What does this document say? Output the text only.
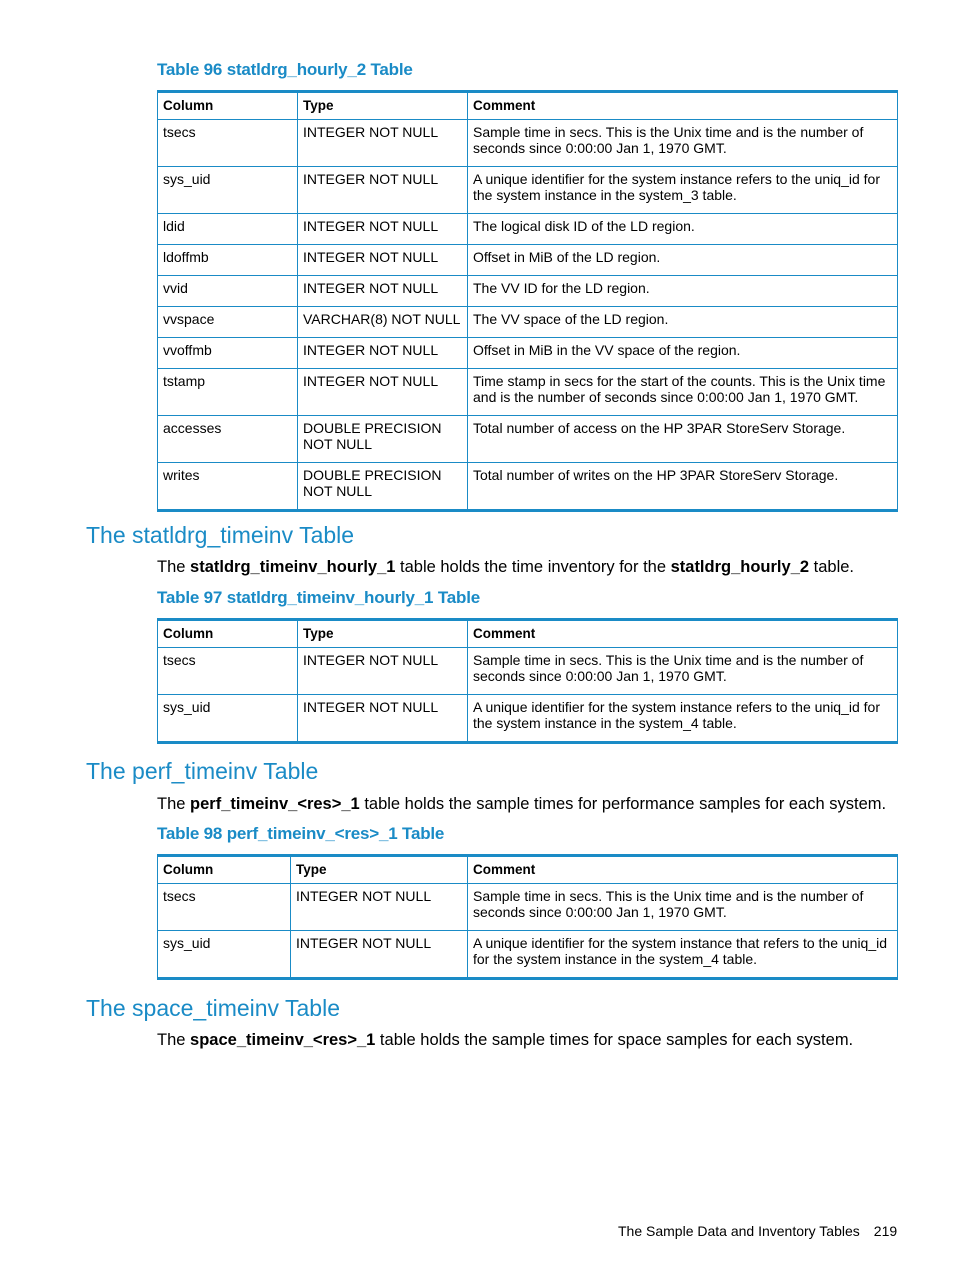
Table 96 statldrg_hourly_2 Table
Column	Type	Comment
tsecs	INTEGER NOT NULL	Sample time in secs. This is the Unix time and is the number of seconds since 0:00:00 Jan 1, 1970 GMT.
sys_uid	INTEGER NOT NULL	A unique identifier for the system instance refers to the uniq_id for the system instance in the system_3 table.
ldid	INTEGER NOT NULL	The logical disk ID of the LD region.
ldoffmb	INTEGER NOT NULL	Offset in MiB of the LD region.
vvid	INTEGER NOT NULL	The VV ID for the LD region.
vvspace	VARCHAR(8) NOT NULL	The VV space of the LD region.
vvoffmb	INTEGER NOT NULL	Offset in MiB in the VV space of the region.
tstamp	INTEGER NOT NULL	Time stamp in secs for the start of the counts. This is the Unix time and is the number of seconds since 0:00:00 Jan 1, 1970 GMT.
accesses	DOUBLE PRECISION NOT NULL	Total number of access on the HP 3PAR StoreServ Storage.
writes	DOUBLE PRECISION NOT NULL	Total number of writes on the HP 3PAR StoreServ Storage.
The statldrg_timeinv Table
The statldrg_timeinv_hourly_1 table holds the time inventory for the statldrg_hourly_2 table.
Table 97 statldrg_timeinv_hourly_1 Table
Column	Type	Comment
tsecs	INTEGER NOT NULL	Sample time in secs. This is the Unix time and is the number of seconds since 0:00:00 Jan 1, 1970 GMT.
sys_uid	INTEGER NOT NULL	A unique identifier for the system instance refers to the uniq_id for the system instance in the system_4 table.
The perf_timeinv Table
The perf_timeinv_<res>_1 table holds the sample times for performance samples for each system.
Table 98 perf_timeinv_<res>_1 Table
Column	Type	Comment
tsecs	INTEGER NOT NULL	Sample time in secs. This is the Unix time and is the number of seconds since 0:00:00 Jan 1, 1970 GMT.
sys_uid	INTEGER NOT NULL	A unique identifier for the system instance that refers to the uniq_id for the system instance in the system_4 table.
The space_timeinv Table
The space_timeinv_<res>_1 table holds the sample times for space samples for each system.
The Sample Data and Inventory Tables 219
